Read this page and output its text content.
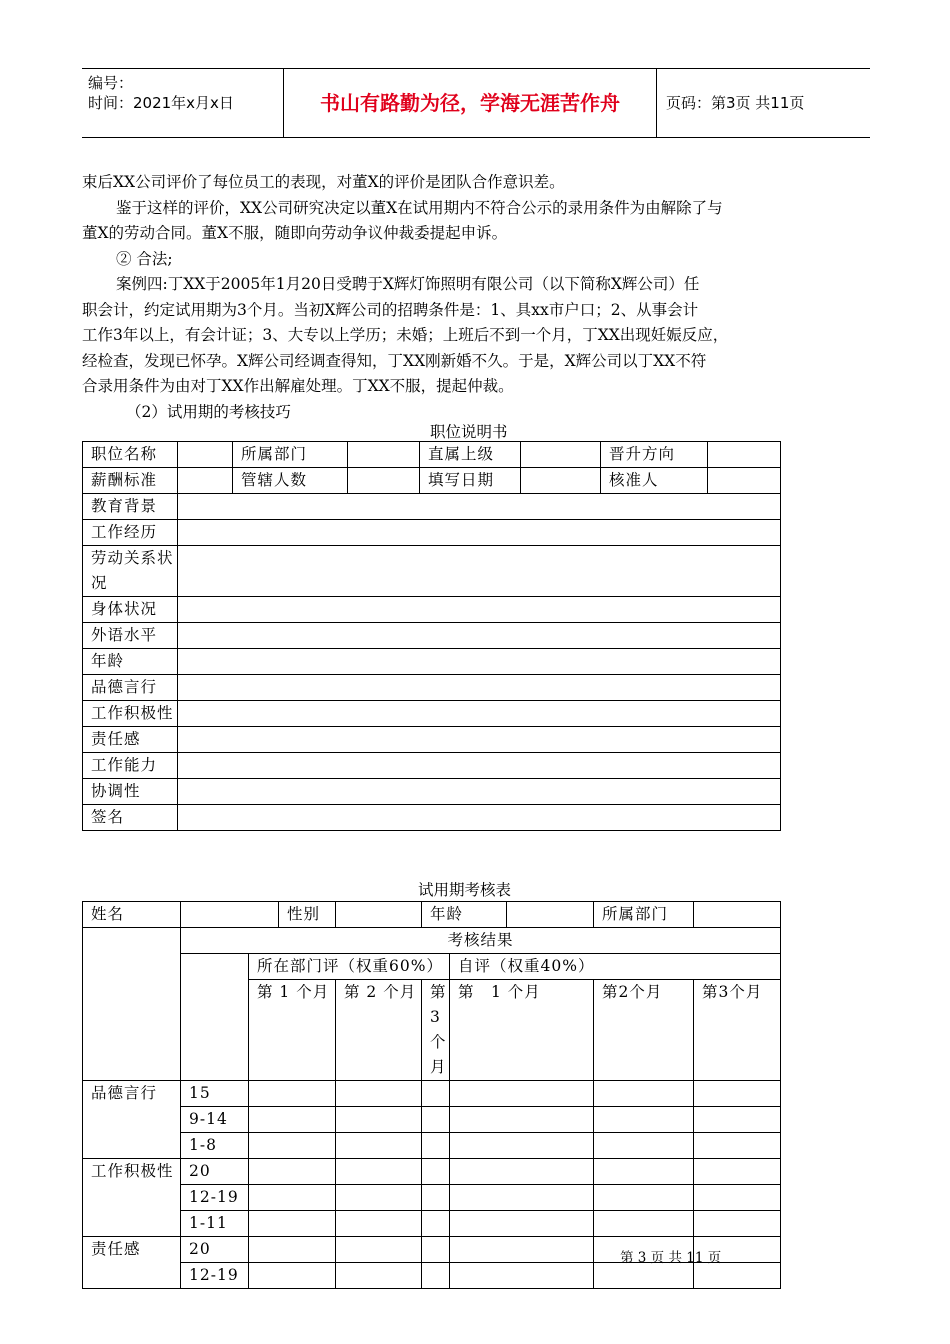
编号：
时间：2021年x月x日	书山有路勤为径，学海无涯苦作舟	页码：第3页 共11页
束后XX公司评价了每位员工的表现，对董X的评价是团队合作意识差。
鉴于这样的评价，XX公司研究决定以董X在试用期内不符合公示的录用条件为由解除了与
董X的劳动合同。董X不服，随即向劳动争议仲裁委提起申诉。
② 合法;
案例四:丁XX于2005年1月20日受聘于X辉灯饰照明有限公司（以下简称X辉公司）任
职会计，约定试用期为3个月。当初X辉公司的招聘条件是：1、具xx市户口；2、从事会计
工作3年以上，有会计证；3、大专以上学历；未婚；上班后不到一个月，丁XX出现妊娠反应，
经检查，发现已怀孕。X辉公司经调查得知，丁XX刚新婚不久。于是，X辉公司以丁XX不符
合录用条件为由对丁XX作出解雇处理。丁XX不服，提起仲裁。
（2）试用期的考核技巧
职位说明书
职位名称		所属部门		直属上级		晋升方向	
薪酬标准		管辖人数		填写日期		核准人	
教育背景							
工作经历							
劳动关系状况							
身体状况							
外语水平							
年龄							
品德言行							
工作积极性							
责任感							
工作能力							
协调性							
签名							
试用期考核表
姓名			性别		年龄			所属部门	
	考核结果								
		所在部门评（权重60%）				自评（权重40%）			
		第 1 个月		第 2 个月	第　3 个月	第　1 个月		第2个月	第3个月
品德言行	15								
	9-14								
	1-8								
工作积极性	20								
	12-19								
	1-11								
责任感	20								
	12-19								
第 3 页 共 11 页
